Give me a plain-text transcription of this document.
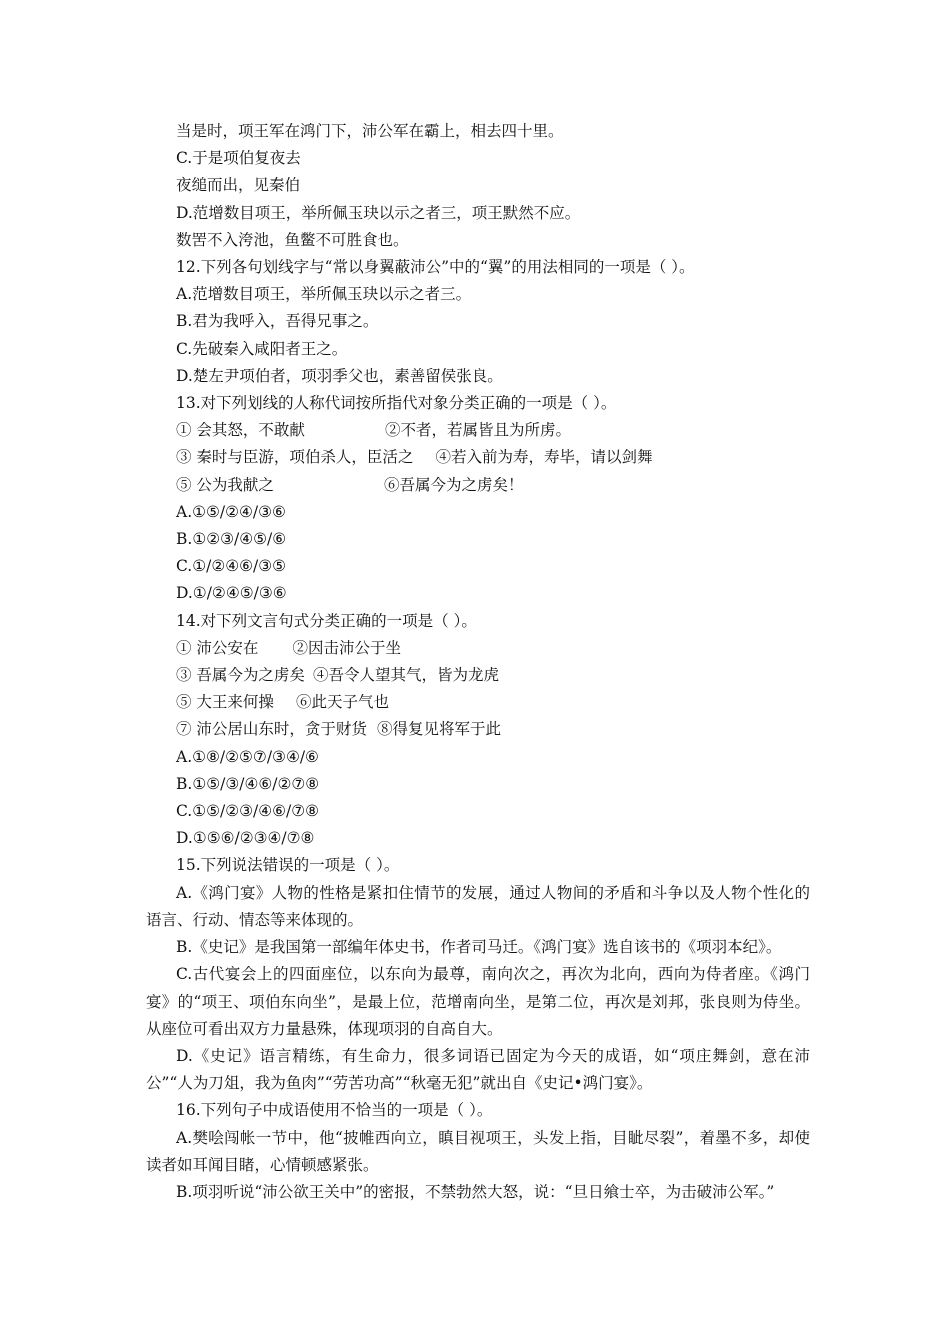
当是时，项王军在鸿门下，沛公军在霸上，相去四十里。
C.于是项伯复夜去
夜缒而出，见秦伯
D.范增数目项王，举所佩玉玦以示之者三，项王默然不应。
数罟不入洿池，鱼鳖不可胜食也。
12.下列各句划线字与“常以身翼蔽沛公”中的“翼”的用法相同的一项是（ ）。
A.范增数目项王，举所佩玉玦以示之者三。
B.君为我呼入，吾得兄事之。
C.先破秦入咸阳者王之。
D.楚左尹项伯者，项羽季父也，素善留侯张良。
13.对下列划线的人称代词按所指代对象分类正确的一项是（ ）。
① 会其怒，不敢献	②不者，若属皆且为所虏。
③ 秦时与臣游，项伯杀人，臣活之 ④若入前为寿，寿毕，请以剑舞
⑤ 公为我献之	⑥吾属今为之虏矣！
A.①⑤/②④/③⑥
B.①②③/④⑤/⑥
C.①/②④⑥/③⑤
D.①/②④⑤/③⑥
14.对下列文言句式分类正确的一项是（ ）。
① 沛公安在 ②因击沛公于坐
③ 吾属今为之虏矣 ④吾令人望其气，皆为龙虎
⑤ 大王来何操 ⑥此天子气也
⑦ 沛公居山东时，贪于财货 ⑧得复见将军于此
A.①⑧/②⑤⑦/③④/⑥
B.①⑤/③/④⑥/②⑦⑧
C.①⑤/②③/④⑥/⑦⑧
D.①⑤⑥/②③④/⑦⑧
15.下列说法错误的一项是（ ）。

A.《鸿门宴》人物的性格是紧扣住情节的发展，通过人物间的矛盾和斗争以及人物个性化的语言、行动、情态等来体现的。

B.《史记》是我国第一部编年体史书，作者司马迁。《鸿门宴》选自该书的《项羽本纪》。

C.古代宴会上的四面座位，以东向为最尊，南向次之，再次为北向，西向为侍者座。《鸿门宴》的“项王、项伯东向坐”，是最上位，范增南向坐，是第二位，再次是刘邦，张良则为侍坐。从座位可看出双方力量悬殊，体现项羽的自高自大。

D.《史记》语言精练，有生命力，很多词语已固定为今天的成语，如“项庄舞剑，意在沛公”“人为刀俎，我为鱼肉”“劳苦功高”“秋毫无犯”就出自《史记•鸿门宴》。

16.下列句子中成语使用不恰当的一项是（ ）。

A.樊哙闯帐一节中，他“披帷西向立，瞋目视项王，头发上指，目眦尽裂”，着墨不多，却使读者如耳闻目睹，心情顿感紧张。

B.项羽听说“沛公欲王关中”的密报，不禁勃然大怒，说：“旦日飨士卒，为击破沛公军。”
